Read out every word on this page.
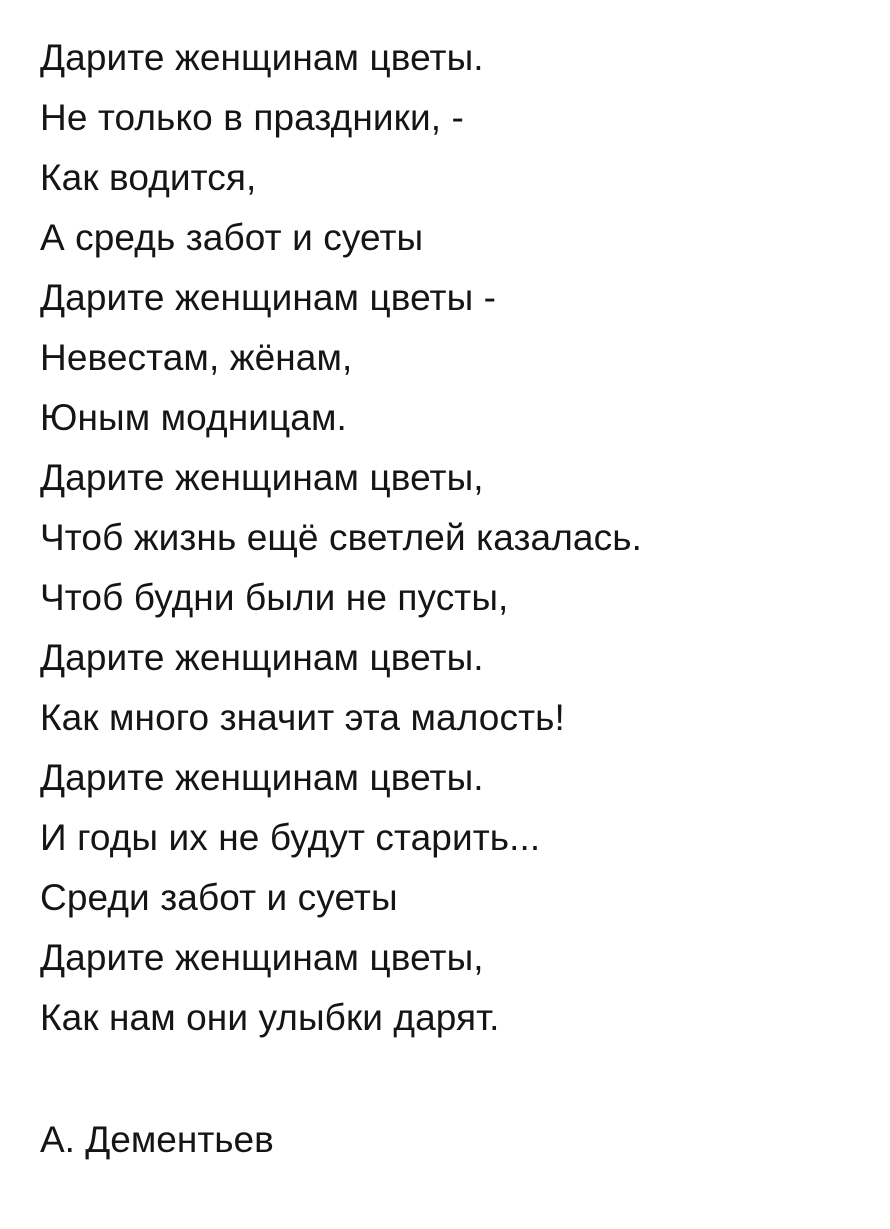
Дарите женщинам цветы.
Не только в праздники, -
Как водится,
А средь забот и суеты
Дарите женщинам цветы -
Невестам, жёнам,
Юным модницам.
Дарите женщинам цветы,
Чтоб жизнь ещё светлей казалась.
Чтоб будни были не пусты,
Дарите женщинам цветы.
Как много значит эта малость!
Дарите женщинам цветы.
И годы их не будут старить...
Среди забот и суеты
Дарите женщинам цветы,
Как нам они улыбки дарят.
А. Дементьев
